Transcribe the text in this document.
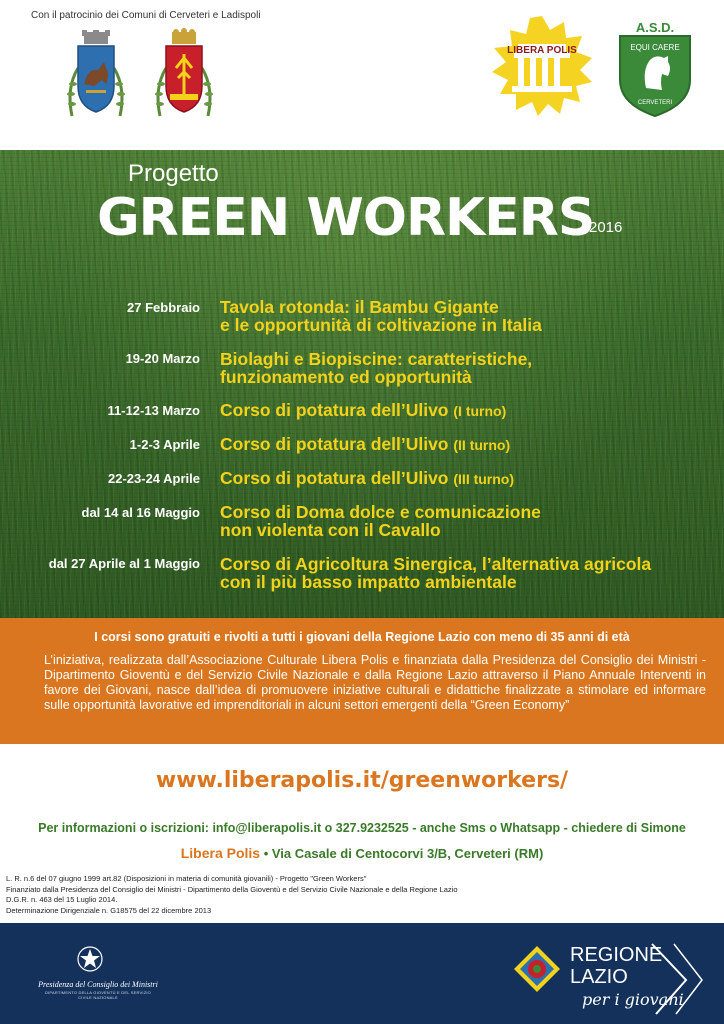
Con il patrocinio dei Comuni di Cerveteri e Ladispoli
LIBERA POLIS
A.S.D.
EQUI CAERE
CERVETERI
Progetto
GREEN WORKERS
2016
27 Febbraio Tavola rotonda: il Bambu Gigante
e le opportunità di coltivazione in Italia
19-20 Marzo Biolaghi e Biopiscine: caratteristiche,
funzionamento ed opportunità
11-12-13 Marzo Corso di potatura dell’Ulivo (I turno)
1-2-3 Aprile Corso di potatura dell’Ulivo (II turno)
22-23-24 Aprile Corso di potatura dell’Ulivo (III turno)
dal 14 al 16 Maggio Corso di Doma dolce e comunicazione
non violenta con il Cavallo
dal 27 Aprile al 1 Maggio Corso di Agricoltura Sinergica, l’alternativa agricola
con il più basso impatto ambientale
I corsi sono gratuiti e rivolti a tutti i giovani della Regione Lazio con meno di 35 anni di età
L’iniziativa, realizzata dall’Associazione Culturale Libera Polis e finanziata dalla Presidenza del Consiglio dei Ministri - Dipartimento Gioventù e del Servizio Civile Nazionale e dalla Regione Lazio attraverso il Piano Annuale Interventi in favore dei Giovani, nasce dall’idea di promuovere iniziative culturali e didattiche finalizzate a stimolare ed informare sulle opportunità lavorative ed imprenditoriali in alcuni settori emergenti della “Green Economy”
www.liberapolis.it/greenworkers/
Per informazioni o iscrizioni: info@liberapolis.it o 327.9232525 - anche Sms o Whatsapp - chiedere di Simone
Libera Polis • Via Casale di Centocorvi 3/B, Cerveteri (RM)
L. R. n.6 del 07 giugno 1999 art.82 (Disposizioni in materia di comunità giovanili) - Progetto "Green Workers"
Finanziato dalla Presidenza del Consiglio dei Ministri - Dipartimento della Gioventù e del Servizio Civile Nazionale e della Regione Lazio
D.G.R. n. 463 del 15 Luglio 2014.
Determinazione Dirigenziale n. G18575 del 22 dicembre 2013
Presidenza del Consiglio dei Ministri
DIPARTIMENTO DELLA GIOVENTÙ E DEL SERVIZIO CIVILE NAZIONALE
REGIONE
LAZIO
per i giovani
